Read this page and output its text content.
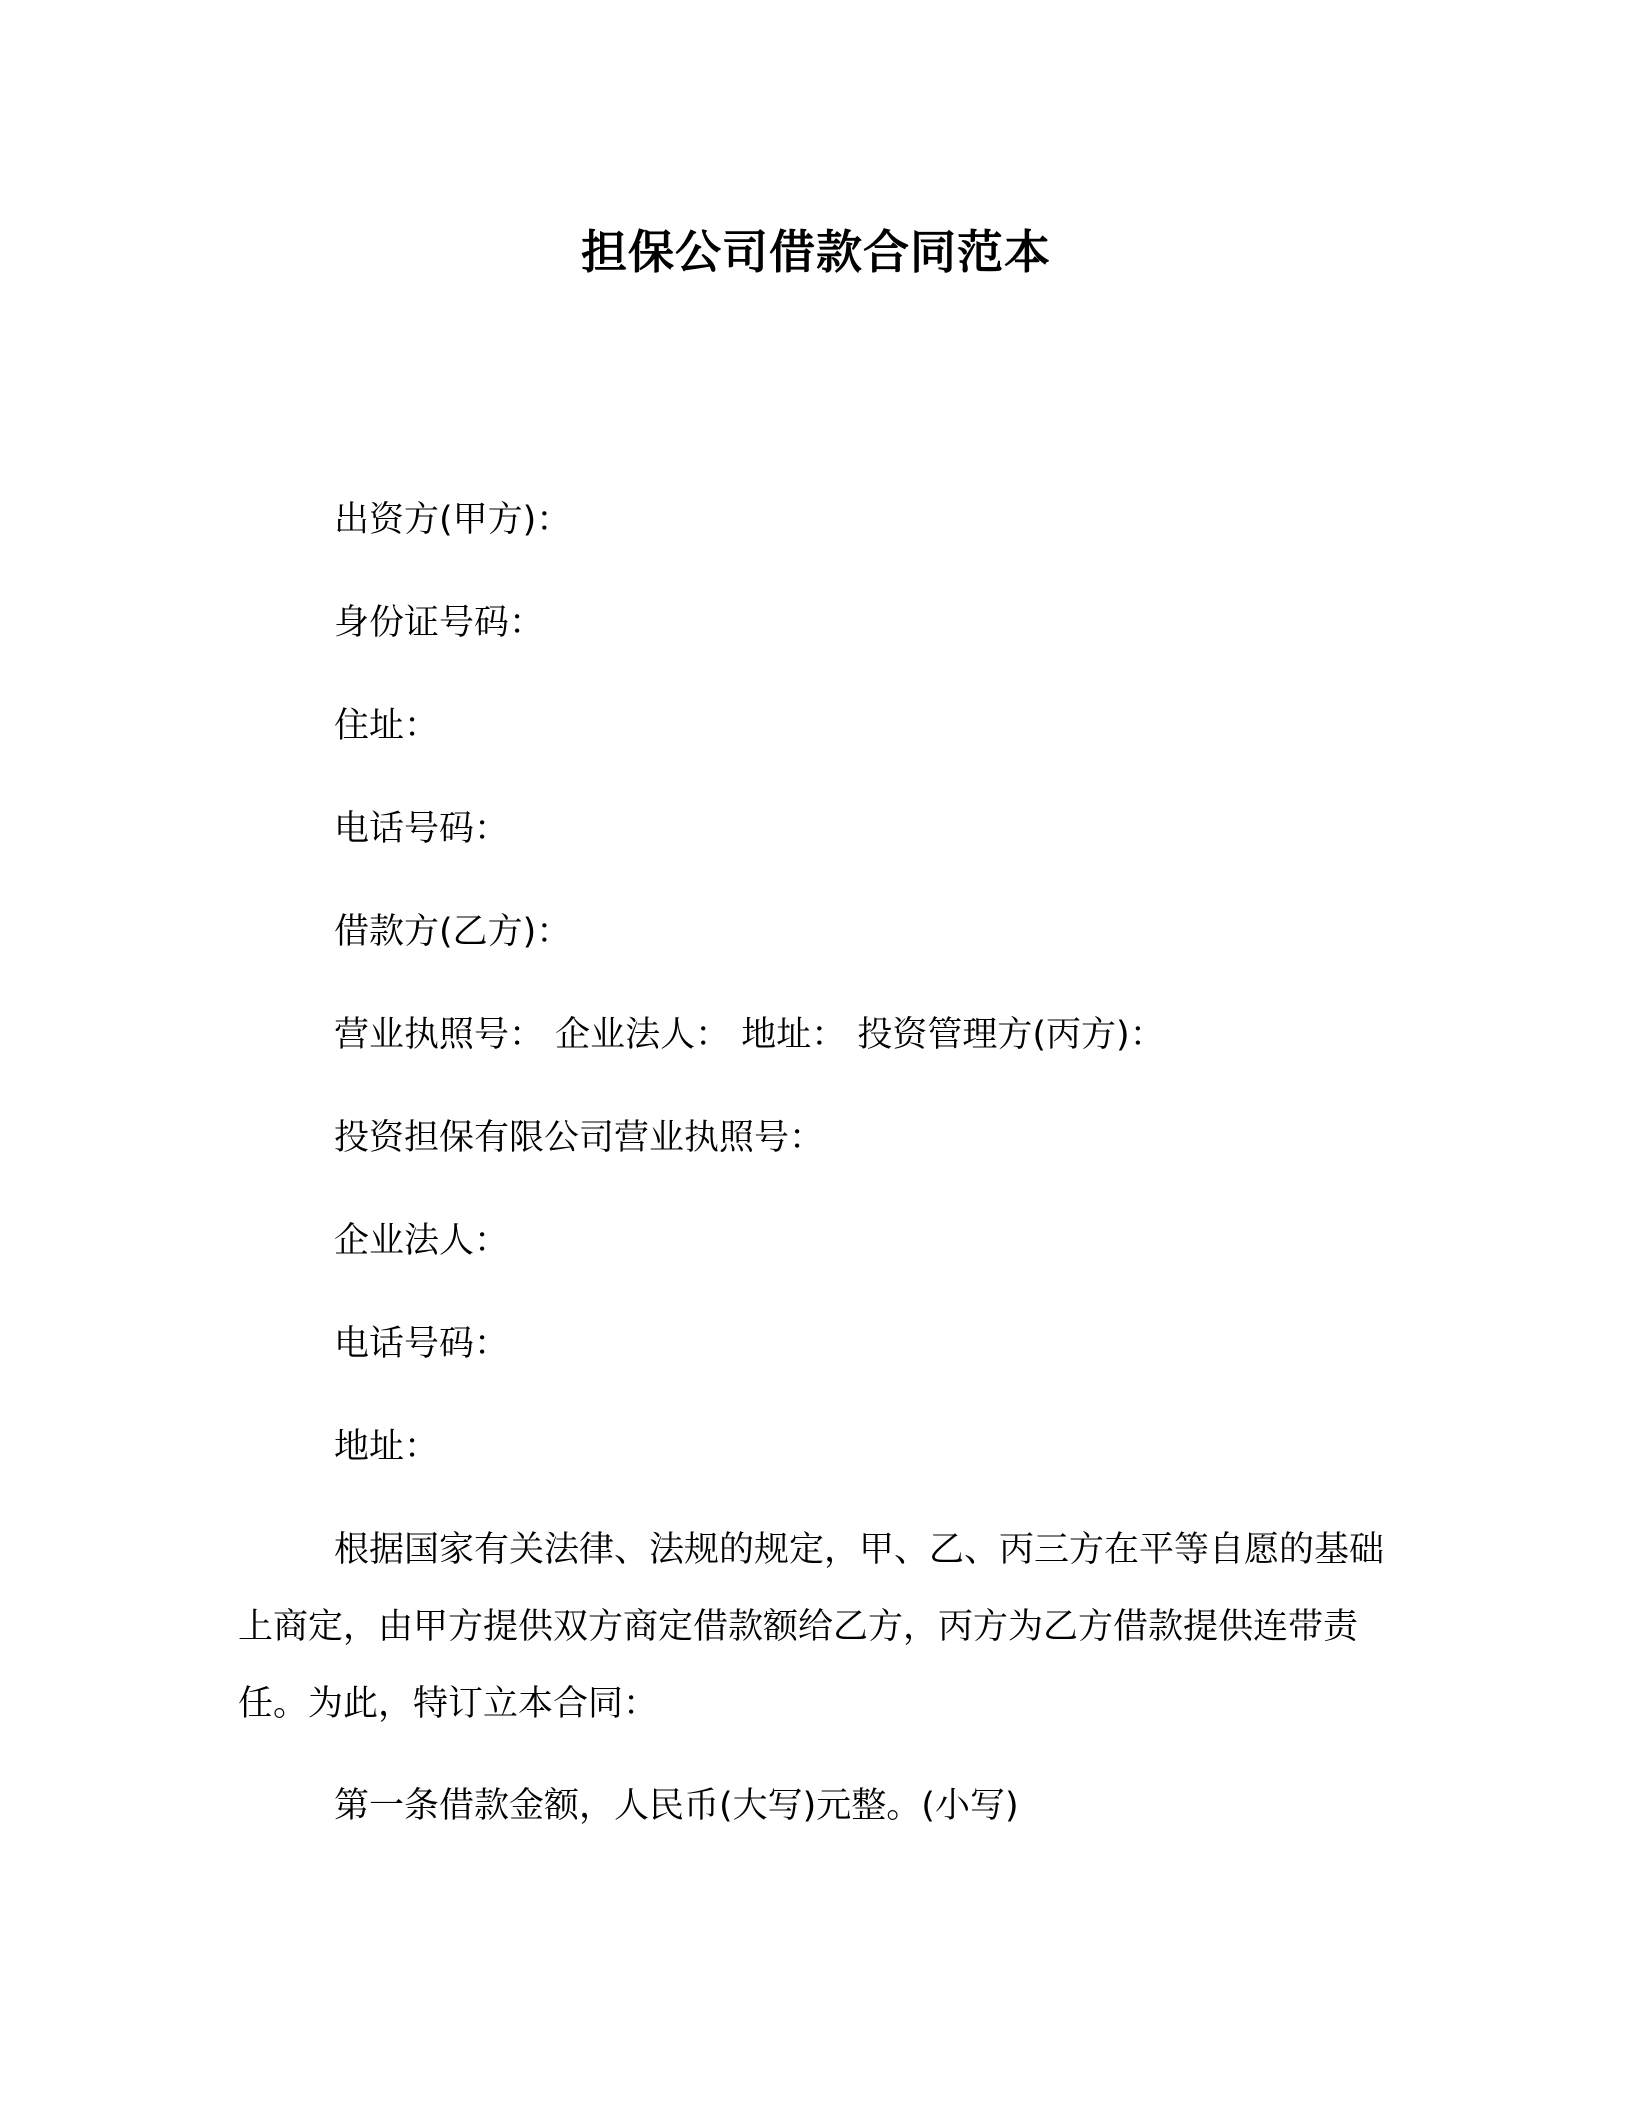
担保公司借款合同范本
出资方(甲方)：
身份证号码：
住址：
电话号码：
借款方(乙方)：
营业执照号： 企业法人： 地址： 投资管理方(丙方)：
投资担保有限公司营业执照号：
企业法人：
电话号码：
地址：

根据国家有关法律、法规的规定，甲、乙、丙三方在平等自愿的基础上商定，由甲方提供双方商定借款额给乙方，丙方为乙方借款提供连带责任。为此，特订立本合同：

第一条借款金额，人民币(大写)元整。(小写)
